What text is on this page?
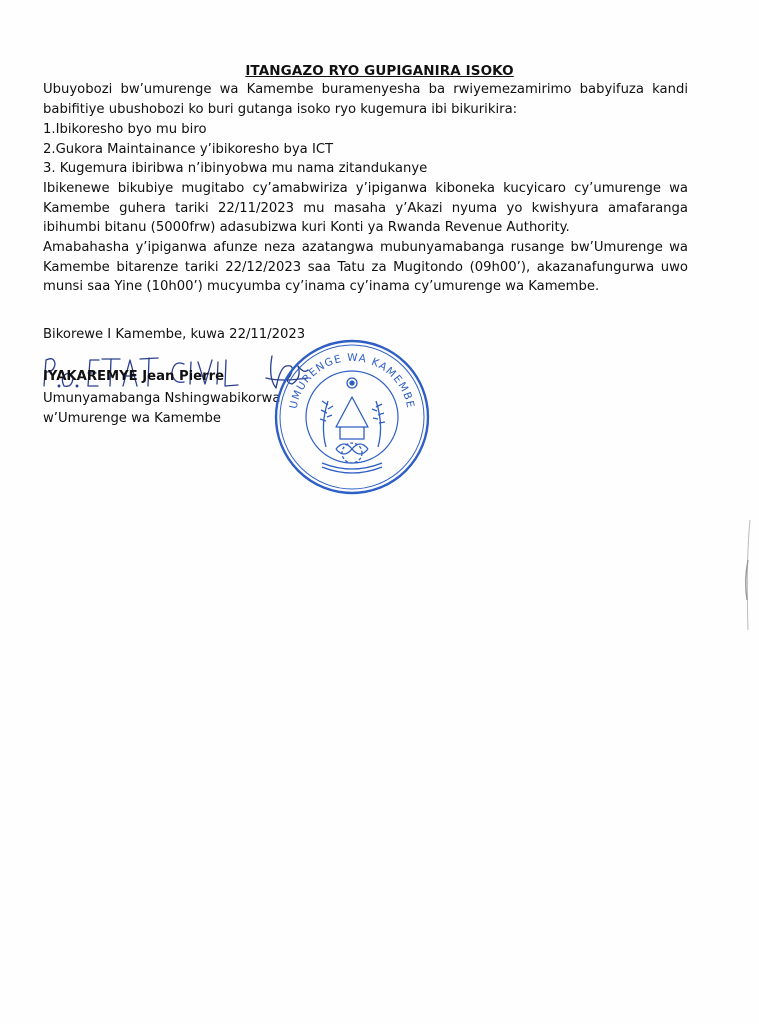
ITANGAZO RYO GUPIGANIRA ISOKO
Ubuyobozi bw’umurenge wa Kamembe buramenyesha ba rwiyemezamirimo babyifuza kandi babifitiye ubushobozi ko buri gutanga isoko ryo kugemura ibi bikurikira:
1.Ibikoresho byo mu biro
2.Gukora Maintainance y’ibikoresho bya ICT
3. Kugemura ibiribwa n’ibinyobwa mu nama zitandukanye
Ibikenewe bikubiye mugitabo cy’amabwiriza y’ipiganwa kiboneka kucyicaro cy’umurenge wa Kamembe guhera tariki 22/11/2023 mu masaha y’Akazi nyuma yo kwishyura amafaranga ibihumbi bitanu (5000frw) adasubizwa kuri Konti ya Rwanda Revenue Authority.
Amabahasha y’ipiganwa afunze neza azatangwa mubunyamabanga rusange bw’Umurenge wa Kamembe bitarenze tariki 22/12/2023 saa Tatu za Mugitondo (09h00’), akazanafungurwa uwo munsi saa Yine (10h00’) mucyumba cy’inama cy’inama cy’umurenge wa Kamembe.
Bikorewe I Kamembe, kuwa 22/11/2023
IYAKAREMYE Jean Pierre
Umunyamabanga Nshingwabikorwa
w’Umurenge wa Kamembe
UMURENGE WA KAMEMBE
